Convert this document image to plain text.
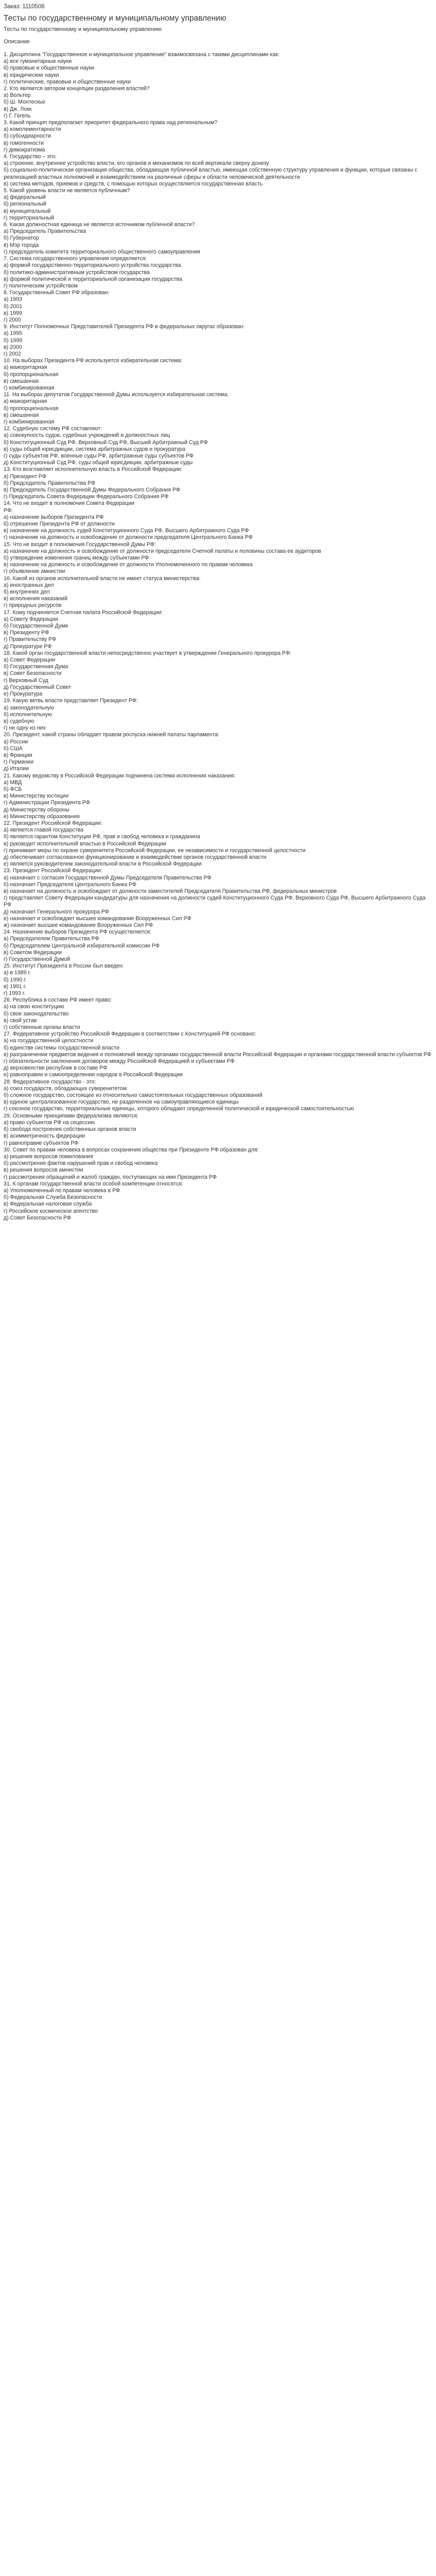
Заказ: 1110508
Тесты по государственному и муниципальному управлению
Тесты по государственному и муниципальному управлению
Описание
1. Дисциплина "Государственное и муниципальное управление" взаимосвязана с такими дисциплинами как:
а) все гуманитарные науки
б) правовые и общественные науки
в) юридические науки
г) политические, правовые и общественные науки
2. Кто является автором концепции разделения властей?
а) Вольтер
б) Ш. Монтескье
в) Дж. Локк
г) Г. Гегель
3. Какой принцип предполагает приоритет федерального права над региональным?
а) комплементарности
б) субсидиарности
в) гомогенности
г) демократизма
4. Государство – это:
а) строение, внутреннее устройство власти, его органов и механизмов по всей вертикали сверху донизу
б) социально-политическая организация общества, обладающая публичной властью, имеющая собственную структуру управления и функции, которые связаны с реализацией властных полномочий и взаимодействием на различные сферы и области человеческой деятельности
в) система методов, приемов и средств, с помощью которых осуществляется государственная власть
5. Какой уровень власти не является публичным?
а) федеральный
б) региональный
в) муниципальный
г) территориальный
6. Какая должностная единица не является источником публичной власти?
а) Председатель Правительства
б) Губернатор
в) Мэр города
г) председатель комитета территориального общественного самоуправления
7. Система государственного управления определяется:
а) формой государственно-территориального устройства государства
б) политико-административным устройством государства
в) формой политической и территориальной организации государства
г) политическим устройством
8. Государственный Совет РФ образован:
а) 1993
б) 2001
в) 1999
г) 2000
9. Институт Полномочных Представителей Президента РФ в федеральных округах образован:
а) 1995
б) 1999
в) 2000
г) 2002
10. На выборах Президента РФ используется избирательная система:
а) мажоритарная
б) пропорциональная
в) смешанная
г) комбинированная
11. На выборах депутатов Государственной Думы используется избирательная система:
а) мажоритарная
б) пропорциональная
в) смешанная
г) комбинированная
12. Судебную систему РФ составляют:
а) совокупность судов, судебных учреждений и должностных лиц
б) Конституционный Суд РФ, Верховный Суд РФ, Высший Арбитражный Суд РФ
в) суды общей юрисдикции, система арбитражных судов и прокуратура
г) суды субъектов РФ, военные суды РФ, арбитражные суды субъектов РФ
д) Конституционный Суд РФ, суды общей юрисдикции, арбитражные суды
13. Кто возглавляет исполнительную власть в Российской Федерации:
а) Президент РФ
б) Председатель Правительства РФ
в) Председатель Государственной Думы Федерального Собрания РФ
г) Председатель Совета Федерации Федерального Собрания РФ
14. Что не входит в полномочия Совета Федерации
РФ:
а) назначение выборов Президента РФ
б) отрешение Президента РФ от должности
в) назначение на должность судей Конституционного Суда РФ, Высшего Арбитражного Суда РФ
г) назначение на должность и освобождение от должности председателя Центрального Банка РФ
15. Что не входит в полномочия Государственной Думы РФ:
а) назначение на должность и освобождение от должности председателя Счетной палаты и половины состава ее аудиторов
б) утверждение изменения границ между субъектами РФ
в) назначение на должность и освобождение от должности Уполномоченного по правам человека
г) объявление амнистии
16. Какой из органов исполнительной власти не имеет статуса министерства:
а) иностранных дел
б) внутренних дел
в) исполнения наказаний
г) природных ресурсов
17. Кому подчиняется Счетная палата Российской Федерации:
а) Совету Федерации
б) Государственной Думе
в) Президенту РФ
г) Правительству РФ
д) Прокуратуре РФ
18. Какой орган государственной власти непосредственно участвует в утверждении Генерального прокурора РФ:
а) Совет Федерации
б) Государственная Дума
в) Совет Безопасности
г) Верховный Суд
д) Государственный Совет
е) Прокуратура
19. Какую ветвь власти представляет Президент РФ:
а) законодательную
б) исполнительную
в) судебную
г) ни одну из них
20. Президент, какой страны обладает правом роспуска нижней палаты парламента:
а) России
б) США
в) Франции
г) Германии
д) Италии
21. Какому ведомству в Российской Федерации подчинена система исполнения наказания:
а) МВД
б) ФСБ
в) Министерству юстиции
г) Администрации Президента РФ
д) Министерству обороны
е) Министерству образования
22. Президент Российской Федерации:
а) является главой государства
б) является гарантом Конституции РФ, прав и свобод человека и гражданина
в) руководит исполнительной властью в Российской Федерации
г) принимает меры по охране суверенитета Российской Федерации, ее независимости и государственной целостности
д) обеспечивает согласованное функционирование и взаимодействие органов государственной власти
е) является руководителем законодательной власти в Российской Федерации
23. Президент Российской Федерации:
а) назначает с согласия Государственной Думы Председателя Правительства РФ
б) назначает Председателя Центрального Банка РФ
в) назначает на должность и освобождает от должности заместителей Председателя Правительства РФ, федеральных министров
г) представляет Совету Федерации кандидатуры для назначения на должности судей Конституционного Суда РФ, Верховного Суда РФ, Высшего Арбитражного Суда РФ
д) назначает Генерального прокурора РФ
е) назначает и освобождает высшее командование Вооруженных Сил РФ
ж) назначает высшее командование Вооруженных Сил РФ
24. Назначение выборов Президента РФ осуществляется:
а) Председателем Правительства РФ
б) Председателем Центральной избирательной комиссии РФ
в) Советом Федерации
г) Государственной Думой
25. Институт Президента в России был введен:
а) в 1989 г.
б) 1990 г.
в) 1991 г.
г) 1993 г.
26. Республика в составе РФ имеет право:
а) на свою конституцию
б) свое законодательство
в) свой устав
г) собственные органы власти
27. Федеративное устройство Российской Федерации в соответствии с Конституцией РФ основано:
а) на государственной целостности
б) единстве системы государственной власти
в) разграничении предметов ведения и полномочий между органами государственной власти Российской Федерации и органами государственной власти субъектов РФ
г) обязательности заключения договоров между Российской Федерацией и субъектами РФ
д) верховенстве республик в составе РФ
е) равноправии и самоопределении народов в Российской Федерации
28. Федеративное государство - это:
а) союз государств, обладающих суверенитетом
б) сложное государство, состоящее из относительно самостоятельных государственных образований
в) единое централизованное государство, не разделенное на самоуправляющиеся единицы
г) союзное государство, территориальные единицы, которого обладают определенной политической и юридической самостоятельностью
29. Основными принципами федерализма являются:
а) право субъектов РФ на сецессию
б) свобода построения собственных органов власти
в) асимметричность федерации
г) равноправие субъектов РФ
30. Совет по правам человека в вопросах сохранения общества при Президенте РФ образован для:
а) решения вопросов помилования
б) рассмотрения фактов нарушений прав и свобод человека
в) решения вопросов амнистии
г) рассмотрения обращений и жалоб граждан, поступающих на имя Президента РФ
31. К органам государственной власти особой компетенции относятся:
а) Уполномоченный по правам человека в РФ
б) Федеральная Служба Безопасности
в) Федеральная налоговая служба
г) Российское космическое агентство
д) Совет Безопасности РФ
